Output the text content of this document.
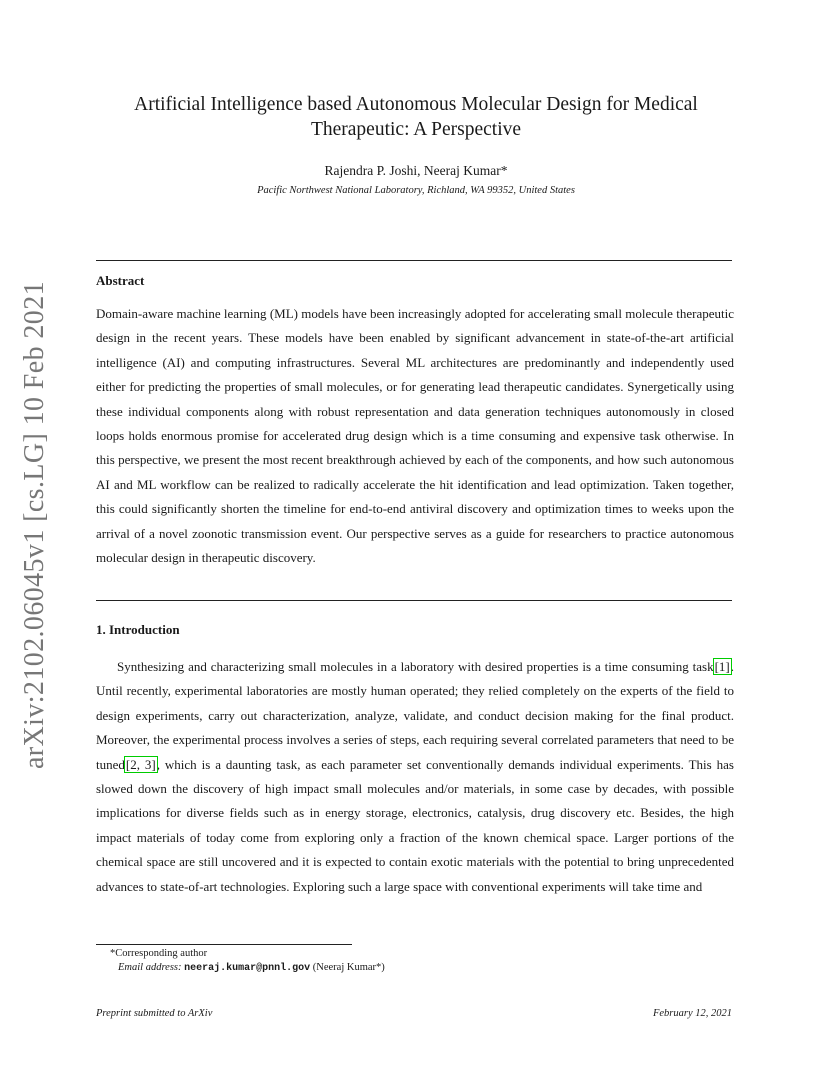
arXiv:2102.06045v1 [cs.LG] 10 Feb 2021
Artificial Intelligence based Autonomous Molecular Design for Medical
Therapeutic: A Perspective
Rajendra P. Joshi, Neeraj Kumar*
Pacific Northwest National Laboratory, Richland, WA 99352, United States
Abstract
Domain-aware machine learning (ML) models have been increasingly adopted for accelerating small molecule therapeutic design in the recent years. These models have been enabled by significant advancement in state-of-the-art artificial intelligence (AI) and computing infrastructures. Several ML architectures are predominantly and independently used either for predicting the properties of small molecules, or for generating lead therapeutic candidates. Synergetically using these individual components along with robust representation and data generation techniques autonomously in closed loops holds enormous promise for accelerated drug design which is a time consuming and expensive task otherwise. In this perspective, we present the most recent breakthrough achieved by each of the components, and how such autonomous AI and ML workflow can be realized to radically accelerate the hit identification and lead optimization. Taken together, this could significantly shorten the timeline for end-to-end antiviral discovery and optimization times to weeks upon the arrival of a novel zoonotic transmission event. Our perspective serves as a guide for researchers to practice autonomous molecular design in therapeutic discovery.
1. Introduction
Synthesizing and characterizing small molecules in a laboratory with desired properties is a time consuming task[1]. Until recently, experimental laboratories are mostly human operated; they relied completely on the experts of the field to design experiments, carry out characterization, analyze, validate, and conduct decision making for the final product. Moreover, the experimental process involves a series of steps, each requiring several correlated parameters that need to be tuned[2, 3], which is a daunting task, as each parameter set conventionally demands individual experiments. This has slowed down the discovery of high impact small molecules and/or materials, in some case by decades, with possible implications for diverse fields such as in energy storage, electronics, catalysis, drug discovery etc. Besides, the high impact materials of today come from exploring only a fraction of the known chemical space. Larger portions of the chemical space are still uncovered and it is expected to contain exotic materials with the potential to bring unprecedented advances to state-of-art technologies. Exploring such a large space with conventional experiments will take time and
*Corresponding author
Email address: neeraj.kumar@pnnl.gov (Neeraj Kumar*)
Preprint submitted to ArXiv	February 12, 2021
